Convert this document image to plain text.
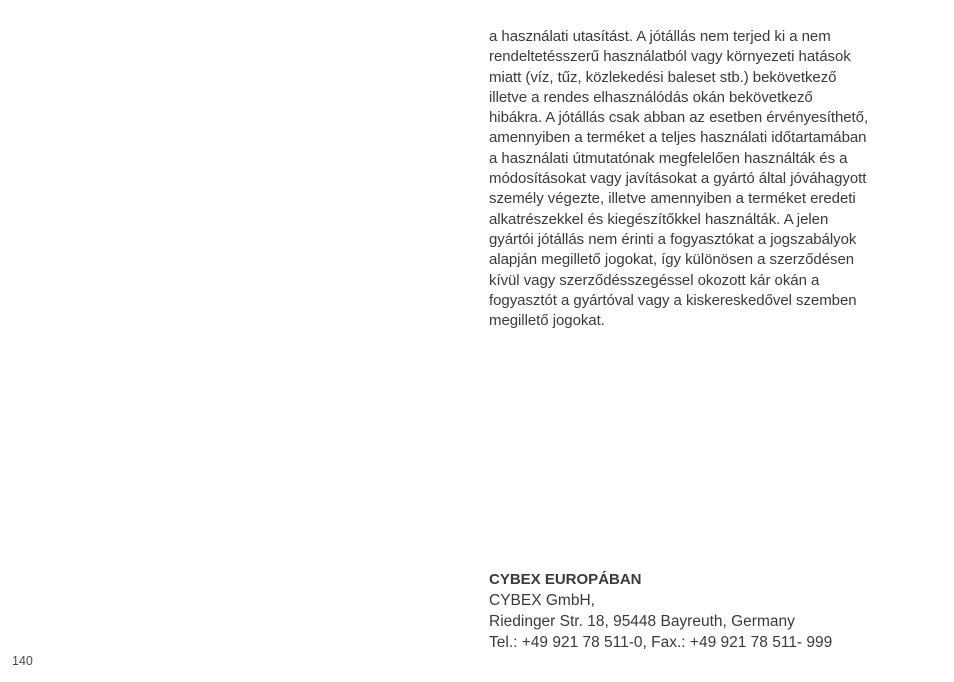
a használati utasítást. A jótállás nem terjed ki a nem
rendeltetésszerű használatból vagy környezeti hatások
miatt (víz, tűz, közlekedési baleset stb.) bekövetkező
illetve a rendes elhasználódás okán bekövetkező
hibákra. A jótállás csak abban az esetben érvényesíthető,
amennyiben a terméket a teljes használati időtartamában
a használati útmutatónak megfelelően használták és a
módosításokat vagy javításokat a gyártó által jóváhagyott
személy végezte, illetve amennyiben a terméket eredeti
alkatrészekkel és kiegészítőkkel használták. A jelen
gyártói jótállás nem érinti a fogyasztókat a jogszabályok
alapján megillető jogokat, így különösen a szerződésen
kívül vagy szerződésszegéssel okozott kár okán a
fogyasztót a gyártóval vagy a kiskereskedővel szemben
megillető jogokat.
CYBEX EUROPÁBAN
CYBEX GmbH,
Riedinger Str. 18, 95448 Bayreuth, Germany
Tel.: +49 921 78 511-0, Fax.: +49 921 78 511- 999
140
